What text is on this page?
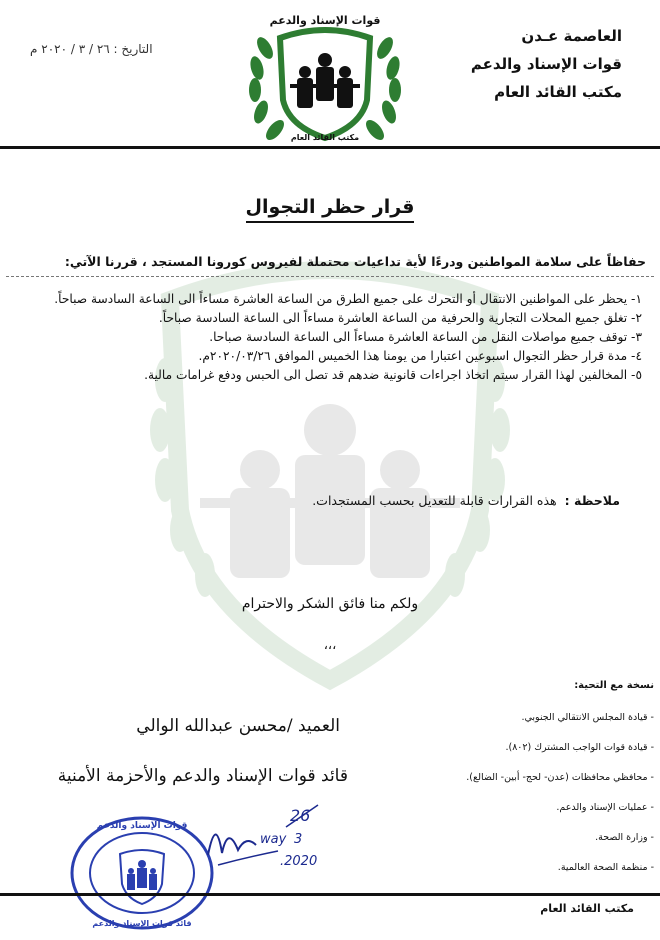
العاصمة عـدن
قوات الإسناد والدعم
مكتب القائد العام
قوات الإسناد والدعم
مكتب القائد العام
التاريخ : ٢٦ / ٣ / ٢٠٢٠ م
قرار حظر التجوال
حفاظاً على سلامة المواطنين ودرءًا لأية تداعيات محتملة لفيروس كورونا المستجد ، قررنا الآتي:
١- يحظر على المواطنين الانتقال أو التحرك على جميع الطرق من الساعة العاشرة مساءاً الى الساعة السادسة صباحاً.
٢- تغلق جميع المحلات التجارية والحرفية من الساعة العاشرة مساءاً الى الساعة السادسة صباحاً.
٣- توقف جميع مواصلات النقل من الساعة العاشرة مساءاً الى الساعة السادسة صباحا.
٤- مدة قرار حظر التجوال اسبوعين اعتبارا من يومنا هذا الخميس الموافق ٢٠٢٠/٠٣/٢٦م.
٥- المخالفين لهذا القرار سيتم اتخاذ اجراءات قانونية ضدهم قد تصل الى الحبس ودفع غرامات مالية.
ملاحظة :هذه القرارات قابلة للتعديل بحسب المستجدات.
ولكم منا فائق الشكر والاحترام
،،،
العميد /محسن عبدالله الوالي
قائد قوات الإسناد والدعم والأحزمة الأمنية
قوات الإسناد والدعم
قائد قوات الإسناد والدعم
26
way 3
.2020
نسخة مع التحية:
- قيادة المجلس الانتقالي الجنوبي.
- قيادة قوات الواجب المشترك (٨٠٢).
- محافظي محافظات (عدن- لحج- أبين- الضالع).
- عمليات الإسناد والدعم.
- وزارة الصحة.
- منظمة الصحة العالمية.
مكتب القائد العام
